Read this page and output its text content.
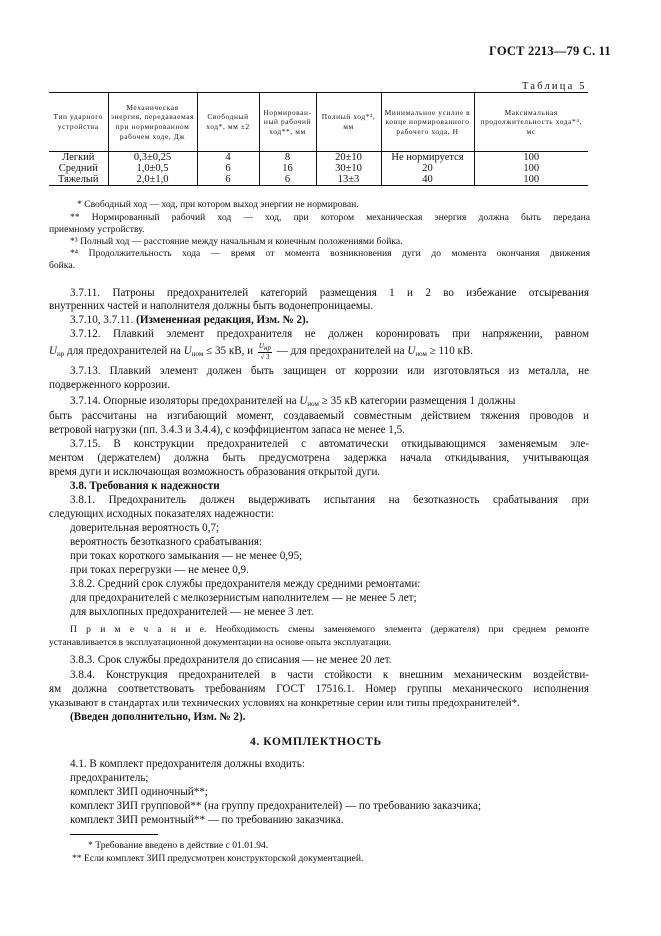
ГОСТ 2213—79 С. 11
Таблица 5
Тип ударного устройства	Механическая энергия, передаваемая при нормированном рабочем ходе, Дж	Свободный ход*, мм ±2	Нормирован-ный рабочий ход**, мм	Полный ход*³, мм	Минимальное усилие в конце нормированного рабочего хода, Н	Максимальная продолжительность хода*⁴, мс
Легкий	0,3±0,25	4	8	20±10	Не нормируется	100
Средний	1,0±0,5	6	16	30±10	20	100
Тяжелый	2,0±1,0	6	6	13±3	40	100
* Свободный ход — ход, при котором выход энергии не нормирован.
** Нормированный рабочий ход — ход, при котором механическая энергия должна быть передана
приемному устройству.
*³ Полный ход — расстояние между начальным и конечным положениями бойка.
*⁴ Продолжительность хода — время от момента возникновения дуги до момента окончания движения
бойка.
3.7.11. Патроны предохранителей категорий размещения 1 и 2 во избежание отсыревания
внутренних частей и наполнителя должны быть водонепроницаемы.
3.7.10, 3.7.11. (Измененная редакция, Изм. № 2).
3.7.12. Плавкий элемент предохранителя не должен коронировать при напряжении, равном
$U_{нр}$ для предохранителей на $U_{ном} \le 35$ кВ, и $\frac{U_{нр}}{√ 3}$ — для предохранителей на $U_{ном} \ge 110$ кВ.
3.7.13. Плавкий элемент должен быть защищен от коррозии или изготовляться из металла, не
подверженного коррозии.
3.7.14. Опорные изоляторы предохранителей на $U_{ном} \ge 35$ кВ категории размещения 1 должны
быть рассчитаны на изгибающий момент, создаваемый совместным действием тяжения проводов и
ветровой нагрузки (пп. 3.4.3 и 3.4.4), с коэффициентом запаса не менее 1,5.
3.7.15. В конструкции предохранителей с автоматически откидывающимся заменяемым эле-
ментом (держателем) должна быть предусмотрена задержка начала откидывания, учитывающая
время дуги и исключающая возможность образования открытой дуги.
3.8. Требования к надежности
3.8.1. Предохранитель должен выдерживать испытания на безотказность срабатывания при
следующих исходных показателях надежности:
доверительная вероятность 0,7;
вероятность безотказного срабатывания:
при токах короткого замыкания — не менее 0,95;
при токах перегрузки — не менее 0,9.
3.8.2. Средний срок службы предохранителя между средними ремонтами:
для предохранителей с мелкозернистым наполнителем — не менее 5 лет;
для выхлопных предохранителей — не менее 3 лет.
П р и м е ч а н и е. Необходимость смены заменяемого элемента (держателя) при среднем ремонте
устанавливается в эксплуатационной документации на основе опыта эксплуатации.
3.8.3. Срок службы предохранителя до списания — не менее 20 лет.
3.8.4. Конструкция предохранителей в части стойкости к внешним механическим воздействи-
ям должна соответствовать требованиям ГОСТ 17516.1. Номер группы механического исполнения
указывают в стандартах или технических условиях на конкретные серии или типы предохранителей*.
(Введен дополнительно, Изм. № 2).
4. КОМПЛЕКТНОСТЬ
4.1. В комплект предохранителя должны входить:
предохранитель;
комплект ЗИП одиночный**;
комплект ЗИП групповой** (на группу предохранителей) — по требованию заказчика;
комплект ЗИП ремонтный** — по требованию заказчика.
* Требование введено в действие с 01.01.94.
** Если комплект ЗИП предусмотрен конструкторской документацией.
